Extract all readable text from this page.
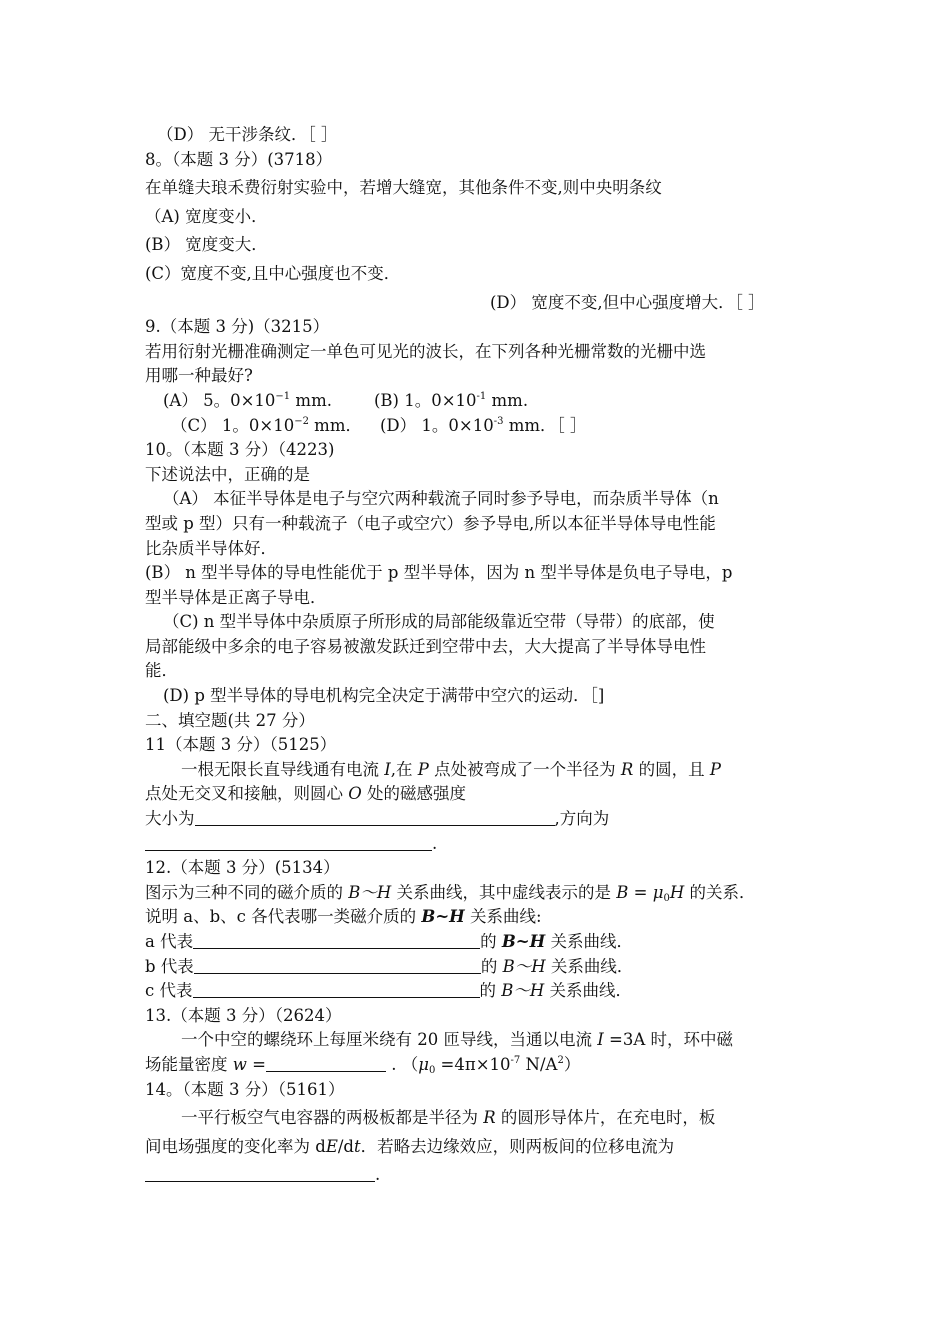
（D） 无干涉条纹．［ ］
8。（本题 3 分）(3718）
在单缝夫琅禾费衍射实验中，若增大缝宽，其他条件不变,则中央明条纹
（A) 宽度变小．
(B） 宽度变大．
(C）宽度不变,且中心强度也不变．
(D） 宽度不变,但中心强度增大．［ ］
9.（本题 3 分)（3215）
若用衍射光栅准确测定一单色可见光的波长，在下列各种光栅常数的光栅中选
用哪一种最好?
(A） 5。$0\times 10^{-1}$ mm.	(B) 1。$0\times 10^{-1}$ mm.
（C） 1。$0\times 10^{-2}$ mm． (D） 1。$0\times 10^{-3}$ mm．［ ］
10。（本题 3 分）（4223)
下述说法中，正确的是
（A） 本征半导体是电子与空穴两种载流子同时参予导电，而杂质半导体（n
型或 p 型）只有一种载流子（电子或空穴）参予导电,所以本征半导体导电性能
比杂质半导体好．
(B） n 型半导体的导电性能优于 p 型半导体，因为 n 型半导体是负电子导电，p
型半导体是正离子导电．
（C) n 型半导体中杂质原子所形成的局部能级靠近空带（导带）的底部，使
局部能级中多余的电子容易被激发跃迁到空带中去，大大提高了半导体导电性
能．
(D) p 型半导体的导电机构完全决定于满带中空穴的运动．［]
二、填空题(共 27 分）
11（本题 3 分）（5125）
一根无限长直导线通有电流 I,在 P 点处被弯成了一个半径为 R 的圆，且 P
点处无交叉和接触，则圆心 O 处的磁感强度
大小为	,方向为
.
12.（本题 3 分）(5134）
图示为三种不同的磁介质的 B～H 关系曲线，其中虚线表示的是 $B = \mu_0H$ 的关系．
说明 a、b、c 各代表哪一类磁介质的 B~H 关系曲线:
a 代表	的 B~H 关系曲线．
b 代表	的 B～H 关系曲线．
c 代表	的 B～H 关系曲线．
13.（本题 3 分）（2624）
一个中空的螺绕环上每厘米绕有 20 匝导线，当通以电流 I =3A 时，环中磁
场能量密度 w =	. （$\mu_0 =4\pi\times 10^{-7}$ $N/A^2$）
14。（本题 3 分）（5161）
一平行板空气电容器的两极板都是半径为 R 的圆形导体片，在充电时，板
间电场强度的变化率为 dE/dt．若略去边缘效应，则两板间的位移电流为
.
